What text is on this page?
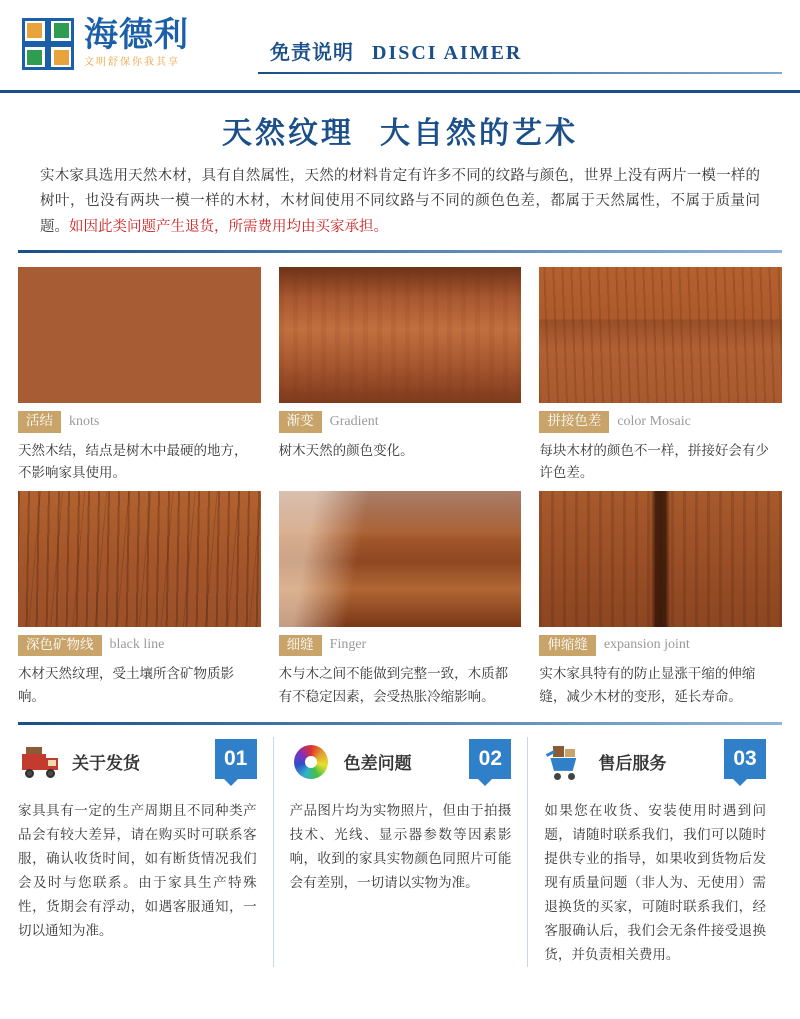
海德利
文明舒保你我其享	免责说明 DISCI AIMER
天然纹理 大自然的艺术
实木家具选用天然木材，具有自然属性，天然的材料肯定有许多不同的纹路与颜色，世界上没有两片一模一样的树叶，也没有两块一模一样的木材，木材间使用不同纹路与不同的颜色色差，都属于天然属性，不属于质量问题。如因此类问题产生退货，所需费用均由买家承担。
活结	knots
天然木结，结点是树木中最硬的地方，不影响家具使用。
渐变	Gradient
树木天然的颜色变化。
拼接色差	color Mosaic
每块木材的颜色不一样，拼接好会有少许色差。
深色矿物线	black line
木材天然纹理，受土壤所含矿物质影响。
细缝	Finger
木与木之间不能做到完整一致，木质都有不稳定因素，会受热胀冷缩影响。
伸缩缝	expansion joint
实木家具特有的防止显涨干缩的伸缩缝，减少木材的变形，延长寿命。
关于发货	01
家具具有一定的生产周期且不同种类产品会有较大差异，请在购买时可联系客服，确认收货时间，如有断货情况我们会及时与您联系。由于家具生产特殊性，货期会有浮动，如遇客服通知，一切以通知为准。
色差问题	02
产品图片均为实物照片，但由于拍摄技术、光线、显示器参数等因素影响，收到的家具实物颜色同照片可能会有差别，一切请以实物为准。
售后服务	03
如果您在收货、安装使用时遇到问题，请随时联系我们，我们可以随时提供专业的指导，如果收到货物后发现有质量问题（非人为、无使用）需退换货的买家，可随时联系我们，经客服确认后，我们会无条件接受退换货，并负责相关费用。
